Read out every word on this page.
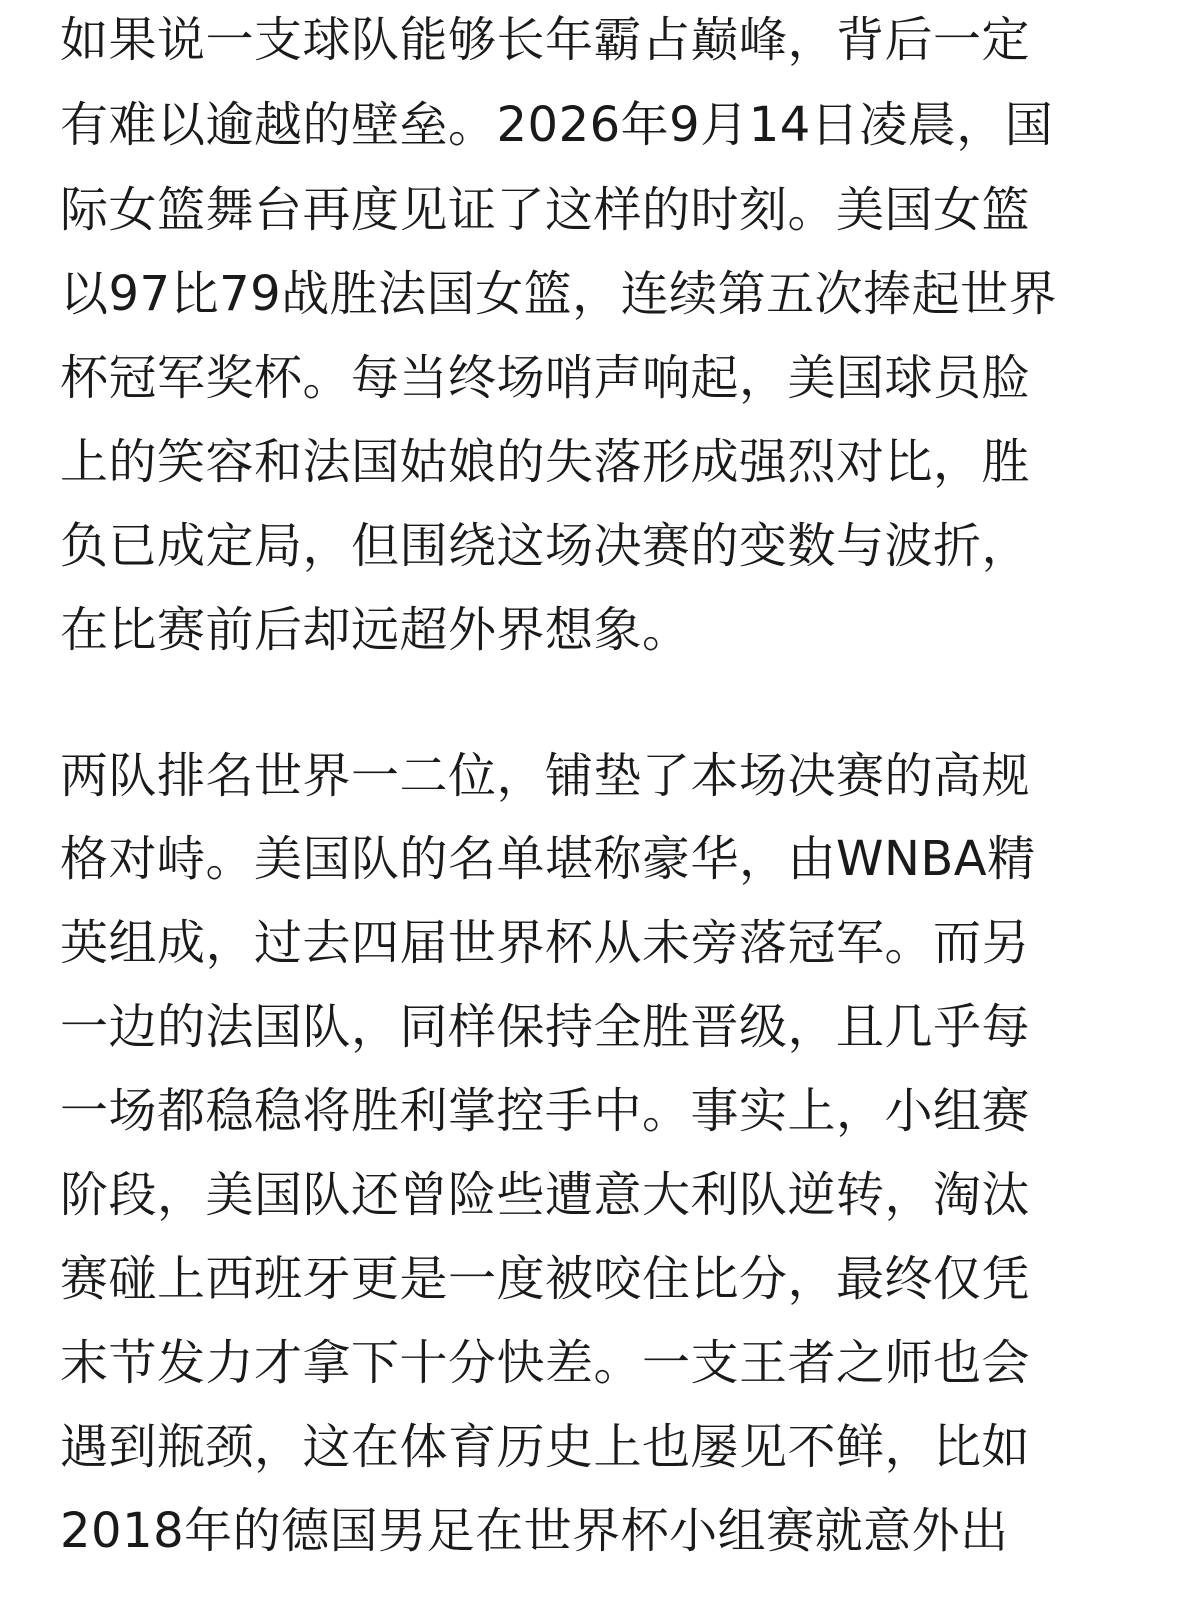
如果说一支球队能够长年霸占巅峰，背后一定
有难以逾越的壁垒。2026年9月14日凌晨，国
际女篮舞台再度见证了这样的时刻。美国女篮
以97比79战胜法国女篮，连续第五次捧起世界
杯冠军奖杯。每当终场哨声响起，美国球员脸
上的笑容和法国姑娘的失落形成强烈对比，胜
负已成定局，但围绕这场决赛的变数与波折，
在比赛前后却远超外界想象。
两队排名世界一二位，铺垫了本场决赛的高规
格对峙。美国队的名单堪称豪华，由WNBA精
英组成，过去四届世界杯从未旁落冠军。而另
一边的法国队，同样保持全胜晋级，且几乎每
一场都稳稳将胜利掌控手中。事实上，小组赛
阶段，美国队还曾险些遭意大利队逆转，淘汰
赛碰上西班牙更是一度被咬住比分，最终仅凭
末节发力才拿下十分快差。一支王者之师也会
遇到瓶颈，这在体育历史上也屡见不鲜，比如
2018年的德国男足在世界杯小组赛就意外出
